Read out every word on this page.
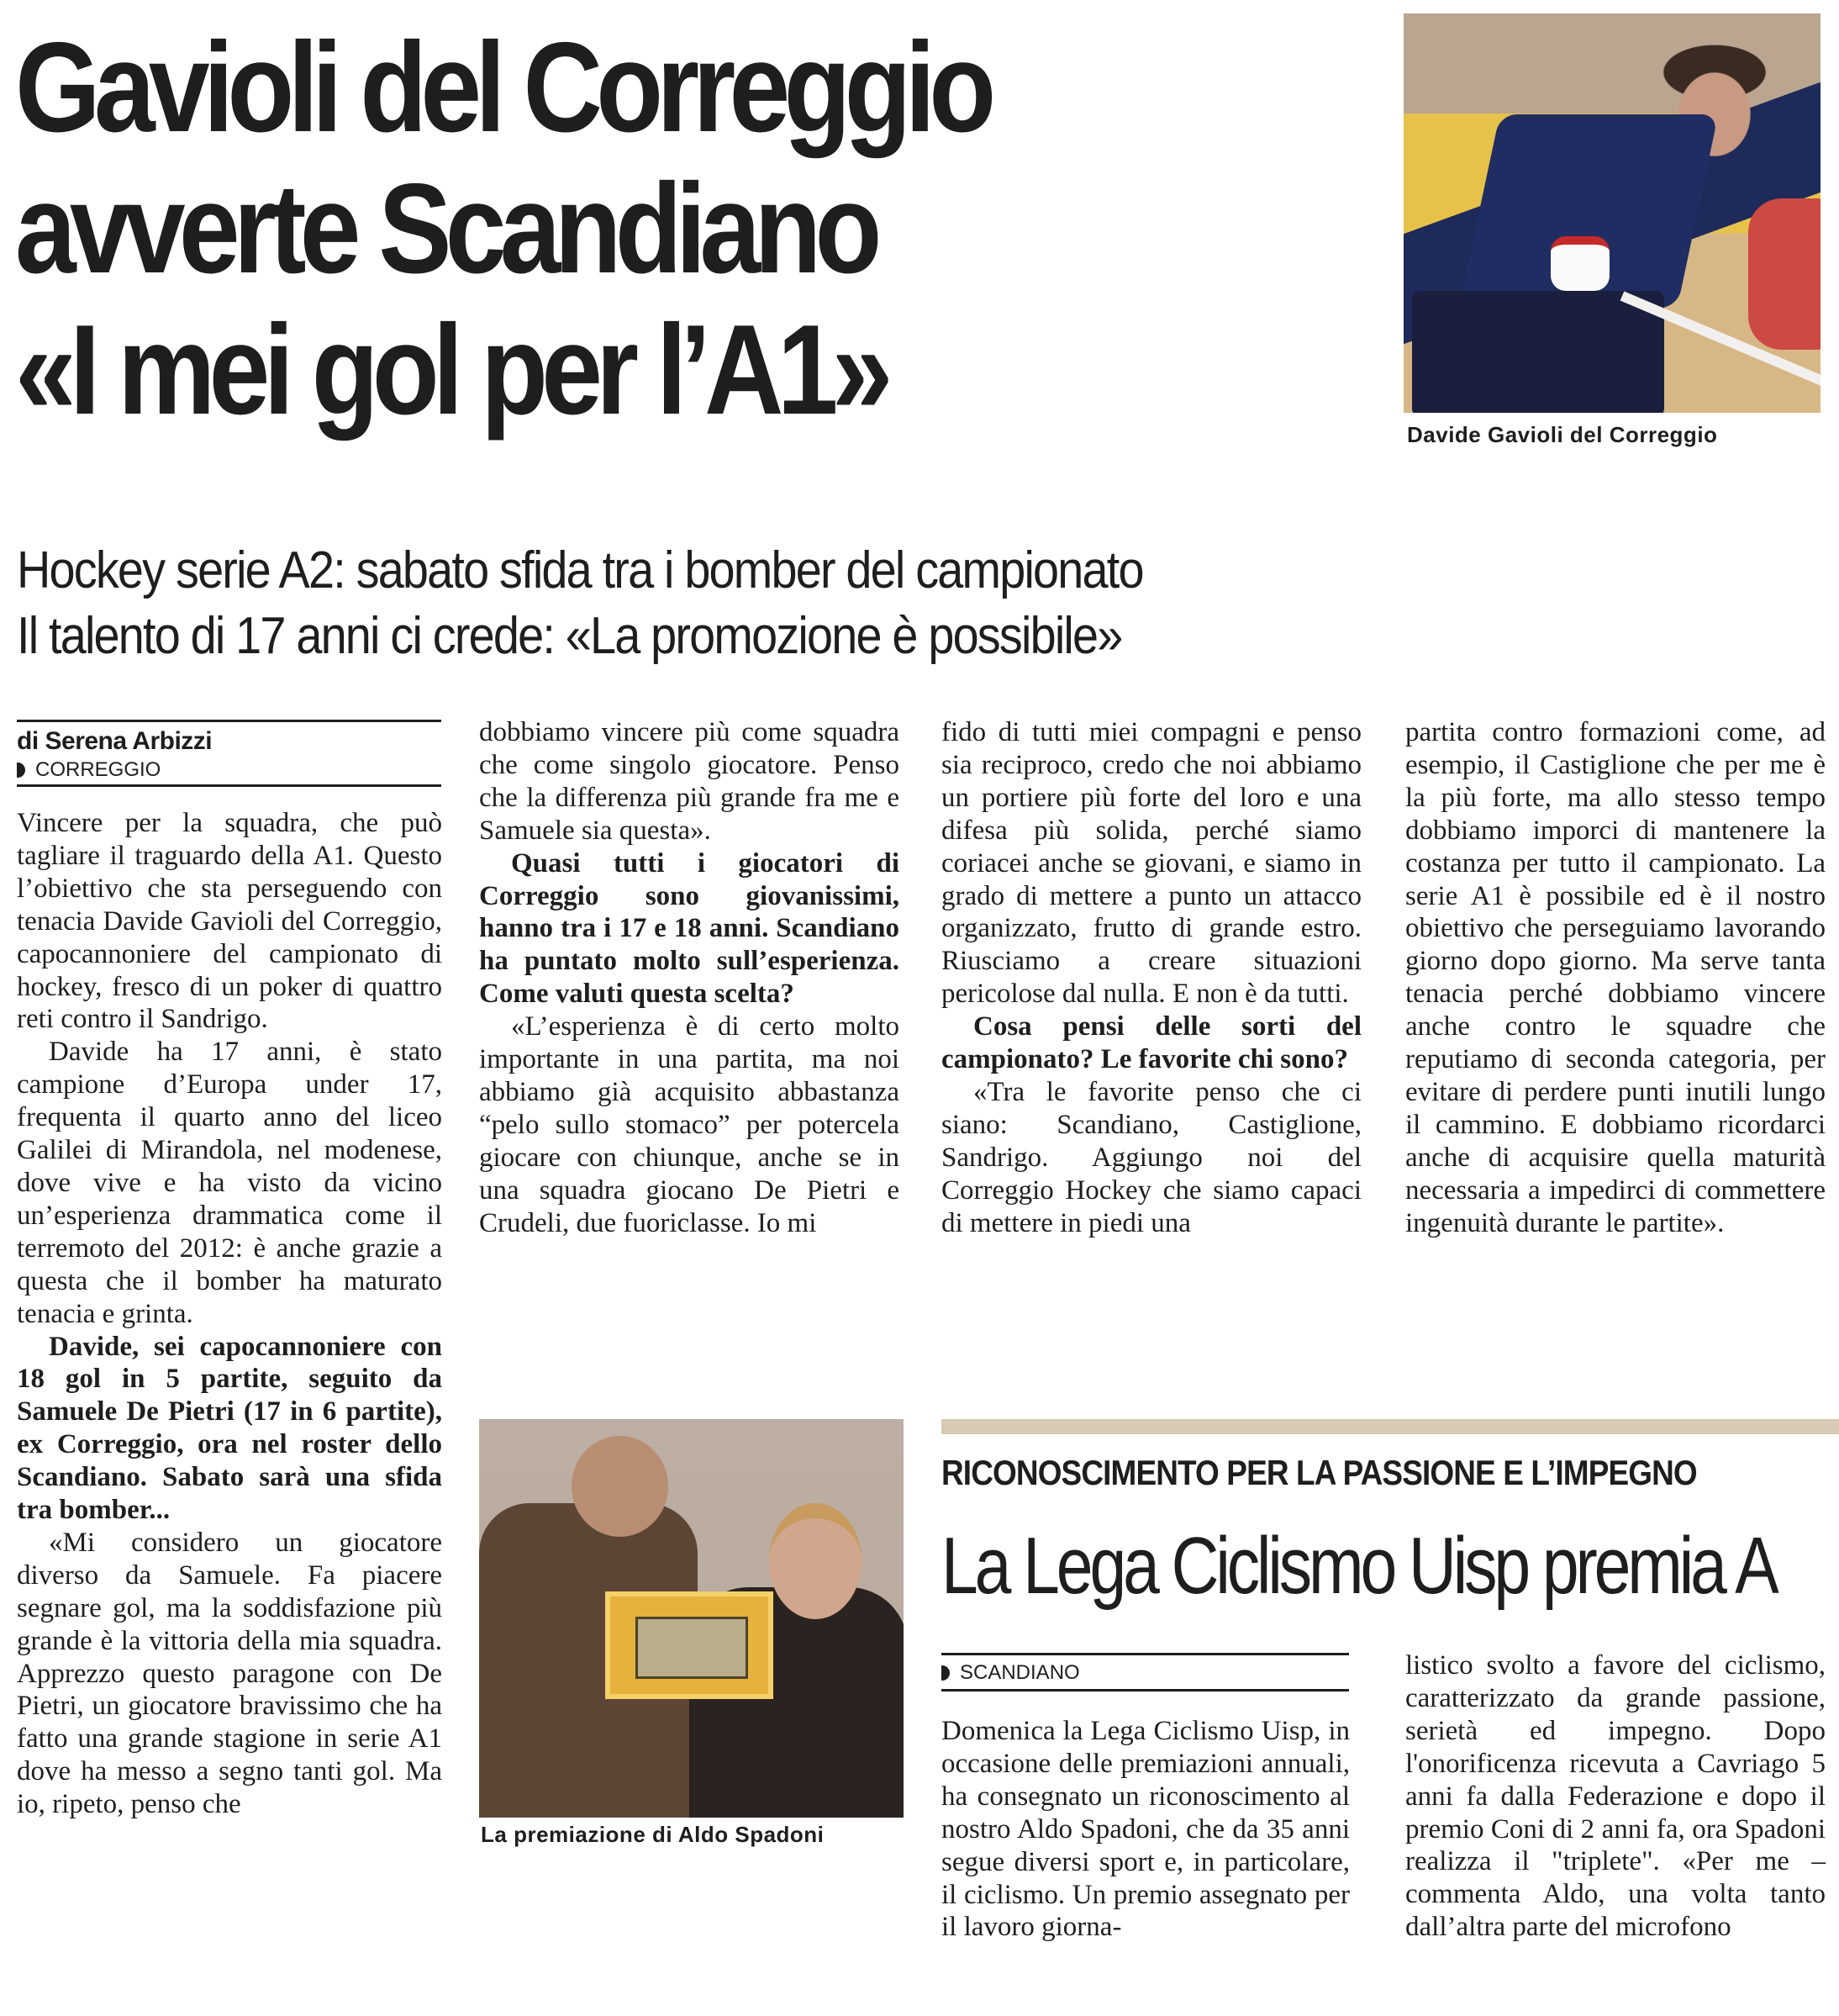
Gavioli del Correggio
avverte Scandiano
«I mei gol per l’A1»
Hockey serie A2: sabato sfida tra i bomber del campionato
Il talento di 17 anni ci crede: «La promozione è possibile»
Davide Gavioli del Correggio
di Serena Arbizzi
CORREGGIO

Vincere per la squadra, che può tagliare il traguardo della A1. Questo l’obiettivo che sta perseguendo con tenacia Davide Gavioli del Correggio, capocannoniere del campionato di hockey, fresco di un poker di quattro reti contro il Sandrigo.

Davide ha 17 anni, è stato campione d’Europa under 17, frequenta il quarto anno del liceo Galilei di Mirandola, nel modenese, dove vive e ha visto da vicino un’esperienza drammatica come il terremoto del 2012: è anche grazie a questa che il bomber ha maturato tenacia e grinta.

Davide, sei capocannoniere con 18 gol in 5 partite, seguito da Samuele De Pietri (17 in 6 partite), ex Correggio, ora nel roster dello Scandiano. Sabato sarà una sfida tra bomber...

«Mi considero un giocatore diverso da Samuele. Fa piacere segnare gol, ma la soddisfazione più grande è la vittoria della mia squadra. Apprezzo questo paragone con De Pietri, un giocatore bravissimo che ha fatto una grande stagione in serie A1 dove ha messo a segno tanti gol. Ma io, ripeto, penso che

dobbiamo vincere più come squadra che come singolo giocatore. Penso che la differenza più grande fra me e Samuele sia questa».

Quasi tutti i giocatori di Correggio sono giovanissimi, hanno tra i 17 e 18 anni. Scandiano ha puntato molto sull’esperienza. Come valuti questa scelta?

«L’esperienza è di certo molto importante in una partita, ma noi abbiamo già acquisito abbastanza “pelo sullo stomaco” per potercela giocare con chiunque, anche se in una squadra giocano De Pietri e Crudeli, due fuoriclasse. Io mi

fido di tutti miei compagni e penso sia reciproco, credo che noi abbiamo un portiere più forte del loro e una difesa più solida, perché siamo coriacei anche se giovani, e siamo in grado di mettere a punto un attacco organizzato, frutto di grande estro. Riusciamo a creare situazioni pericolose dal nulla. E non è da tutti.

Cosa pensi delle sorti del campionato? Le favorite chi sono?

«Tra le favorite penso che ci siano: Scandiano, Castiglione, Sandrigo. Aggiungo noi del Correggio Hockey che siamo capaci di mettere in piedi una

partita contro formazioni come, ad esempio, il Castiglione che per me è la più forte, ma allo stesso tempo dobbiamo imporci di mantenere la costanza per tutto il campionato. La serie A1 è possibile ed è il nostro obiettivo che perseguiamo lavorando giorno dopo giorno. Ma serve tanta tenacia perché dobbiamo vincere anche contro le squadre che reputiamo di seconda categoria, per evitare di perdere punti inutili lungo il cammino. E dobbiamo ricordarci anche di acquisire quella maturità necessaria a impedirci di commettere ingenuità durante le partite».

La premiazione di Aldo Spadoni
RICONOSCIMENTO PER LA PASSIONE E L’IMPEGNO
La Lega Ciclismo Uisp premia A
SCANDIANO

Domenica la Lega Ciclismo Uisp, in occasione delle premiazioni annuali, ha consegnato un riconoscimento al nostro Aldo Spadoni, che da 35 anni segue diversi sport e, in particolare, il ciclismo. Un premio assegnato per il lavoro giorna-

listico svolto a favore del ciclismo, caratterizzato da grande passione, serietà ed impegno. Dopo l'onorificenza ricevuta a Cavriago 5 anni fa dalla Federazione e dopo il premio Coni di 2 anni fa, ora Spadoni realizza il "triplete". «Per me – commenta Aldo, una volta tanto dall’altra parte del microfono
